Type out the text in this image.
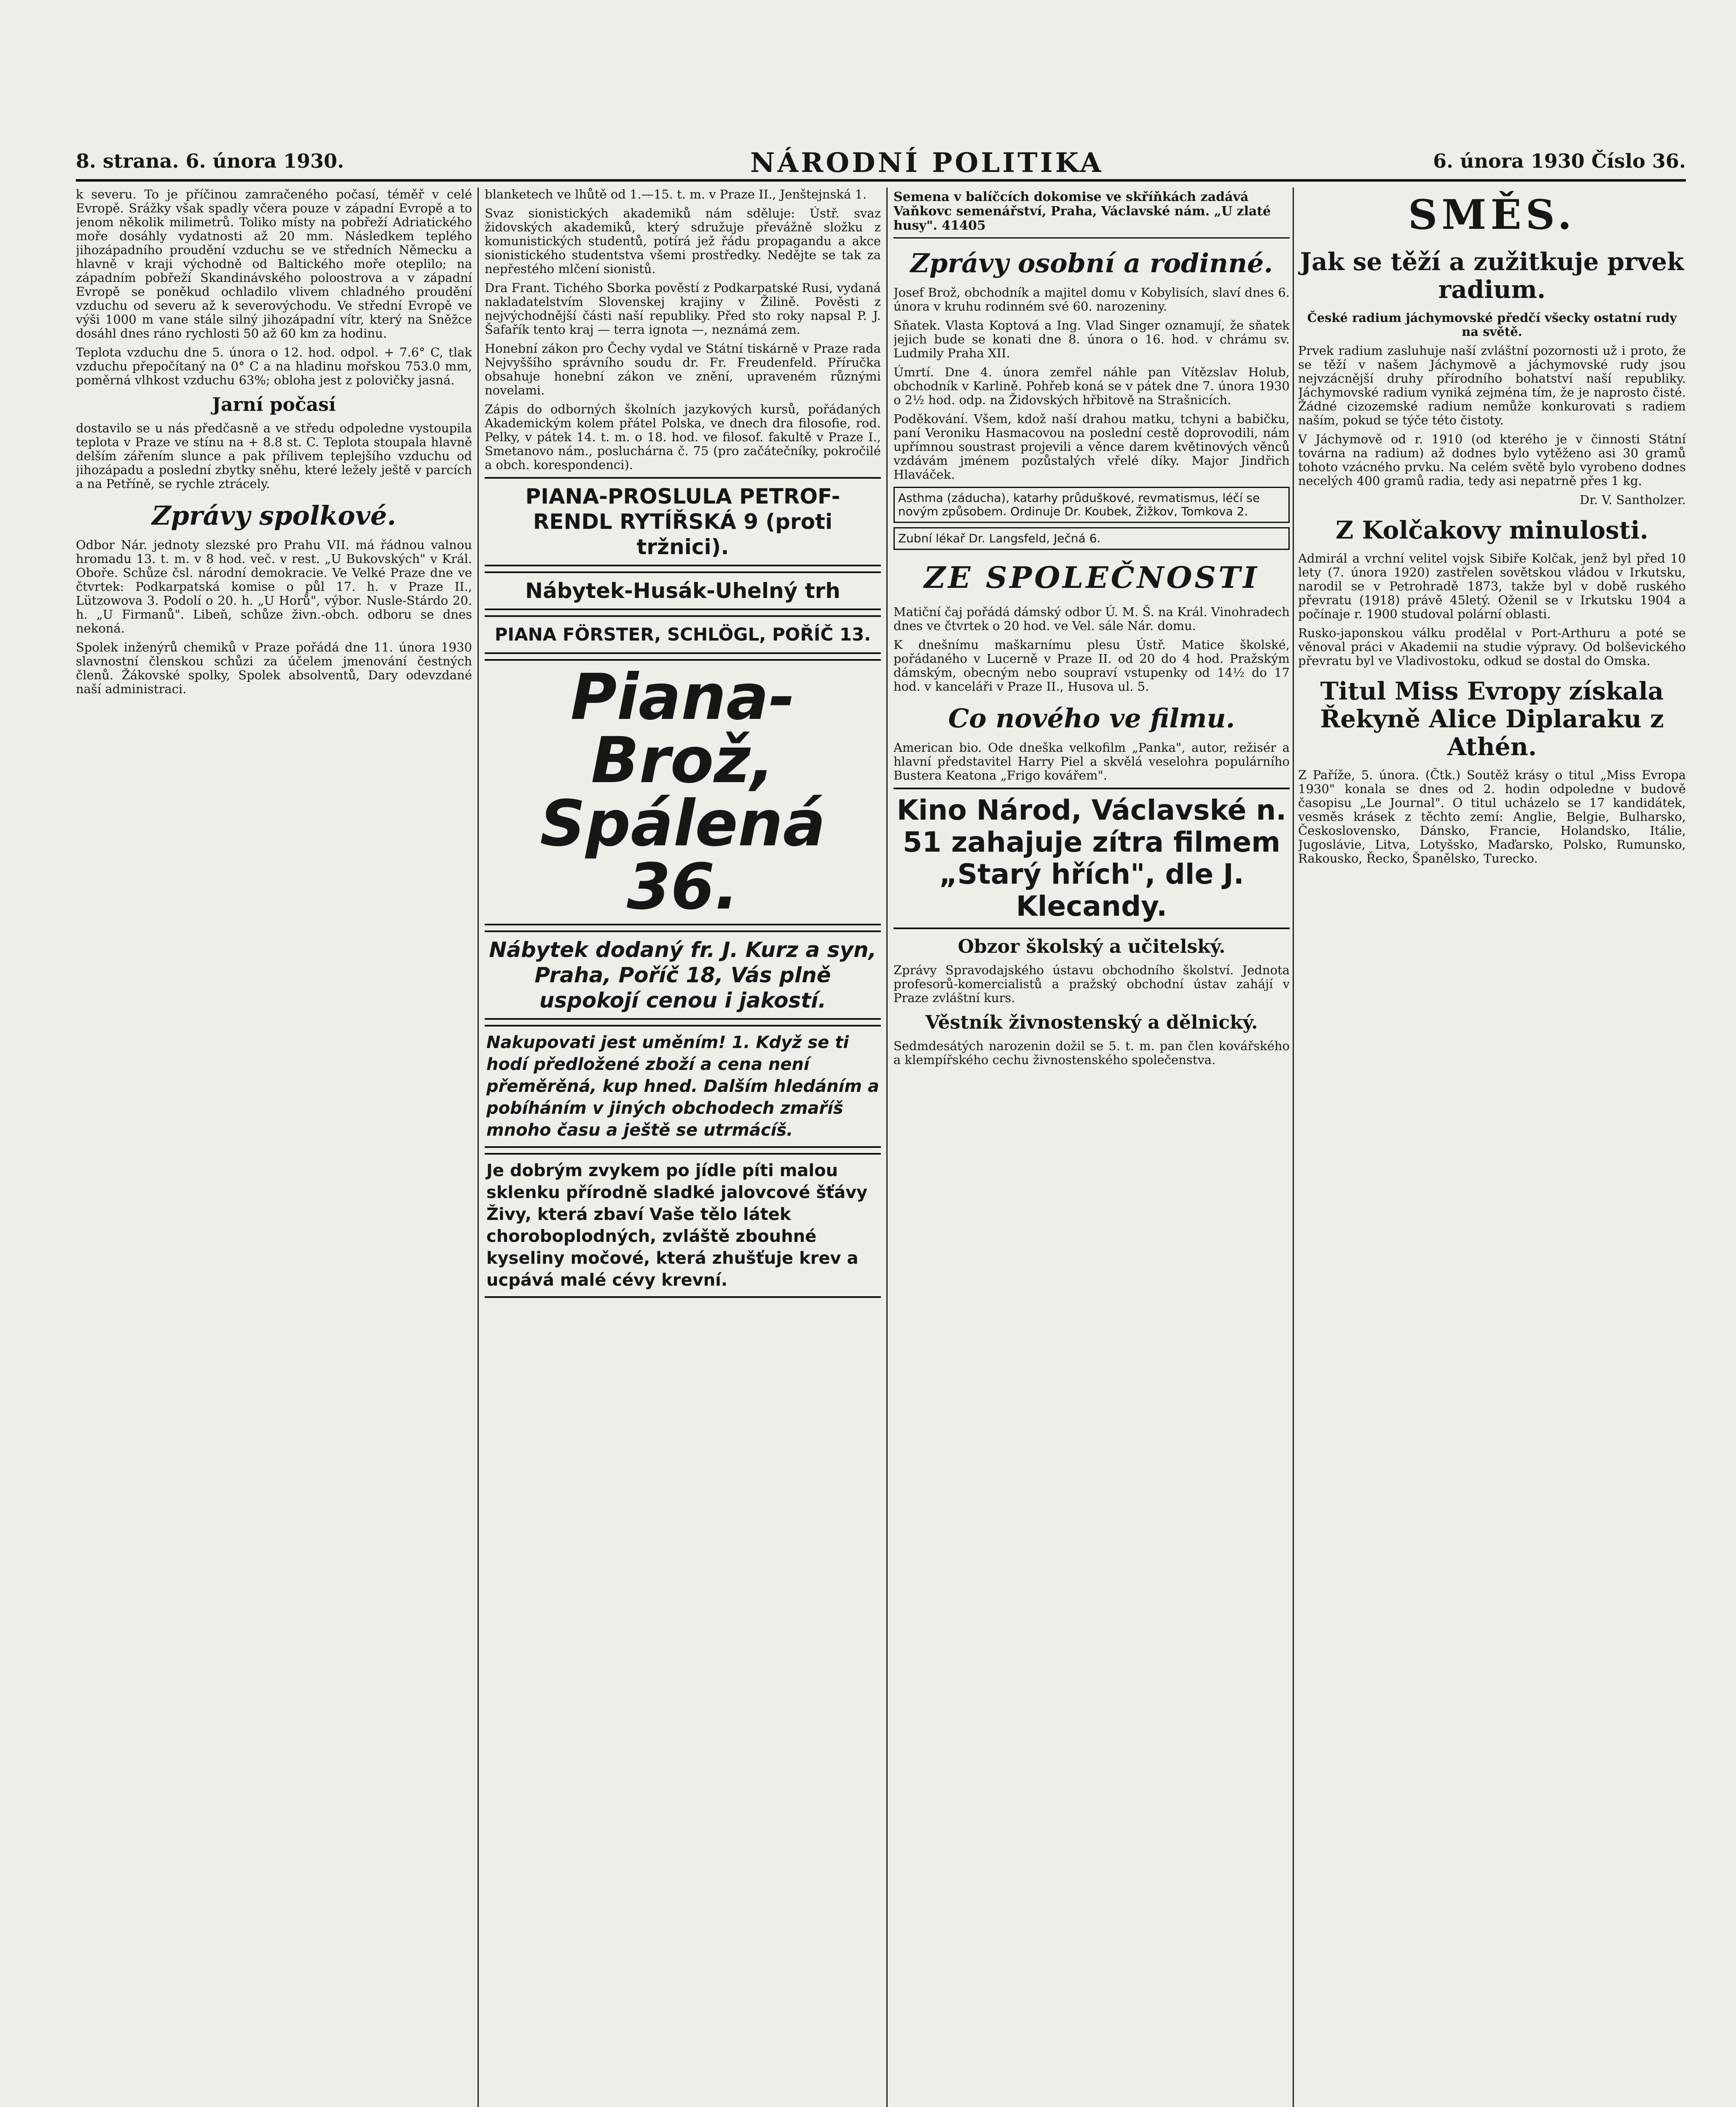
8. strana. 6. února 1930.	NÁRODNÍ POLITIKA	6. února 1930 Číslo 36.

k severu. To je příčinou zamračeného počasí, téměř v celé Evropě. Srážky však spadly včera pouze v západní Evropě a to jenom několik milimetrů. Toliko místy na pobřeží Adriatického moře dosáhly vydatnosti až 20 mm. Následkem teplého jihozápadního proudění vzduchu se ve středních Německu a hlavně v kraji východně od Baltického moře oteplilo; na západním pobřeží Skandinávského poloostrova a v západní Evropě se poněkud ochladilo vlivem chladného proudění vzduchu od severu až k severovýchodu. Ve střední Evropě ve výši 1000 m vane stále silný jihozápadní vítr, který na Sněžce dosáhl dnes ráno rychlosti 50 až 60 km za hodinu.

Teplota vzduchu dne 5. února o 12. hod. odpol. + 7.6° C, tlak vzduchu přepočítaný na 0° C a na hladinu mořskou 753.0 mm, poměrná vlhkost vzduchu 63%; obloha jest z polovičky jasná.

Jarní počasí

dostavilo se u nás předčasně a ve středu odpoledne vystoupila teplota v Praze ve stínu na + 8.8 st. C. Teplota stoupala hlavně delším zářením slunce a pak přílivem teplejšího vzduchu od jihozápadu a poslední zbytky sněhu, které ležely ještě v parcích a na Petříně, se rychle ztrácely.

Zprávy spolkové.

Odbor Nár. jednoty slezské pro Prahu VII. má řádnou valnou hromadu 13. t. m. v 8 hod. več. v rest. „U Bukovských" v Král. Oboře. Schůze čsl. národní demokracie. Ve Velké Praze dne ve čtvrtek: Podkarpatská komise o půl 17. h. v Praze II., Lützowova 3. Podolí o 20. h. „U Horů", výbor. Nusle-Stárdo 20. h. „U Firmanů". Libeň, schůze živn.-obch. odboru se dnes nekoná.

Spolek inženýrů chemiků v Praze pořádá dne 11. února 1930 slavnostní členskou schůzi za účelem jmenování čestných členů. Žákovské spolky, Spolek absolventů, Dary odevzdané naší administraci.

blanketech ve lhůtě od 1.—15. t. m. v Praze II., Jenštejnská 1.

Svaz sionistických akademiků nám sděluje: Ústř. svaz židovských akademiků, který sdružuje převážně složku z komunistických studentů, potírá jež řádu propagandu a akce sionistického studentstva všemi prostředky. Nedějte se tak za nepřestého mlčení sionistů.

Dra Frant. Tichého Sborka pověstí z Podkarpatské Rusi, vydaná nakladatelstvím Slovenskej krajiny v Žilině. Pověsti z nejvýchodnější části naší republiky. Před sto roky napsal P. J. Šafařík tento kraj — terra ignota —, neznámá zem.

Honební zákon pro Čechy vydal ve Státní tiskárně v Praze rada Nejvyššího správního soudu dr. Fr. Freudenfeld. Příručka obsahuje honební zákon ve znění, upraveném různými novelami.

Zápis do odborných školních jazykových kursů, pořádaných Akademickým kolem přátel Polska, ve dnech dra filosofie, rod. Pelky, v pátek 14. t. m. o 18. hod. ve filosof. fakultě v Praze I., Smetanovo nám., posluchárna č. 75 (pro začátečníky, pokročilé a obch. korespondenci).

PIANA-PROSLULA PETROF-RENDL RYTÍŘSKÁ 9 (proti tržnici).
Nábytek-Husák-Uhelný trh
PIANA FÖRSTER, SCHLÖGL, POŘÍČ 13.
Piana-Brož,
Spálená 36.
Nábytek dodaný fr. J. Kurz a syn, Praha, Poříč 18, Vás plně uspokojí cenou i jakostí.
Nakupovati jest uměním! 1. Když se ti hodí předložené zboží a cena není přeměrěná, kup hned. Dalším hledáním a pobíháním v jiných obchodech zmaříš mnoho času a ještě se utrmácíš.
Je dobrým zvykem po jídle píti malou sklenku přírodně sladké jalovcové šťávy Živy, která zbaví Vaše tělo látek choroboplodných, zvláště zbouhné kyseliny močové, která zhušťuje krev a ucpává malé cévy krevní.
Semena v balíčcích dokomise ve skříňkách zadává Vaňkovc semenářství, Praha, Václavské nám. „U zlaté husy". 41405
Zprávy osobní a rodinné.

Josef Brož, obchodník a majitel domu v Kobylisích, slaví dnes 6. února v kruhu rodinném své 60. narozeniny.

Sňatek. Vlasta Koptová a Ing. Vlad Singer oznamují, že sňatek jejich bude se konati dne 8. února o 16. hod. v chrámu sv. Ludmily Praha XII.

Úmrtí. Dne 4. února zemřel náhle pan Vítězslav Holub, obchodník v Karlině. Pohřeb koná se v pátek dne 7. února 1930 o 2½ hod. odp. na Židovských hřbitově na Strašnicích.

Poděkování. Všem, kdož naší drahou matku, tchyni a babičku, paní Veroniku Hasmacovou na poslední cestě doprovodili, nám upřímnou soustrast projevili a věnce darem květinových věnců vzdávám jménem pozůstalých vřelé díky. Major Jindřich Hlaváček.

Asthma (záducha), katarhy průduškové, revmatismus, léčí se novým způsobem. Ordinuje Dr. Koubek, Žižkov, Tomkova 2.
Zubní lékař Dr. Langsfeld, Ječná 6.
ZE SPOLEČNOSTI

Matiční čaj pořádá dámský odbor Ú. M. Š. na Král. Vinohradech dnes ve čtvrtek o 20 hod. ve Vel. sále Nár. domu.

K dnešnímu maškarnímu plesu Ústř. Matice školské, pořádaného v Lucerně v Praze II. od 20 do 4 hod. Pražským dámským, obecným nebo soupraví vstupenky od 14½ do 17 hod. v kanceláři v Praze II., Husova ul. 5.

Co nového ve filmu.

American bio. Ode dneška velkofilm „Panka", autor, režisér a hlavní představitel Harry Piel a skvělá veselohra populárního Bustera Keatona „Frigo kovářem".

Kino Národ, Václavské n. 51 zahajuje zítra filmem „Starý hřích", dle J. Klecandy.
Obzor školský a učitelský.

Zprávy Spravodajského ústavu obchodního školství. Jednota profesorů-komercialistů a pražský obchodní ústav zahájí v Praze zvláštní kurs.

Věstník živnostenský a dělnický.

Sedmdesátých narozenin dožil se 5. t. m. pan člen kovářského a klempířského cechu živnostenského společenstva.

SMĚS.
Jak se těží a zužitkuje prvek radium.
České radium jáchymovské předčí všecky ostatní rudy na světě.

Prvek radium zasluhuje naší zvláštní pozornosti už i proto, že se těží v našem Jáchymově a jáchymovské rudy jsou nejvzácnější druhy přírodního bohatství naší republiky. Jáchymovské radium vyniká zejména tím, že je naprosto čisté. Žádné cizozemské radium nemůže konkurovati s radiem naším, pokud se týče této čistoty.

V Jáchymově od r. 1910 (od kterého je v činnosti Státní továrna na radium) až dodnes bylo vytěženo asi 30 gramů tohoto vzácného prvku. Na celém světě bylo vyrobeno dodnes necelých 400 gramů radia, tedy asi nepatrně přes 1 kg.

Dr. V. Santholzer.

Z Kolčakovy minulosti.

Admirál a vrchní velitel vojsk Sibiře Kolčak, jenž byl před 10 lety (7. února 1920) zastřelen sovětskou vládou v Irkutsku, narodil se v Petrohradě 1873, takže byl v době ruského převratu (1918) právě 45letý. Oženil se v Irkutsku 1904 a počínaje r. 1900 studoval polární oblasti.

Rusko-japonskou válku prodělal v Port-Arthuru a poté se věnoval práci v Akademii na studie výpravy. Od bolševického převratu byl ve Vladivostoku, odkud se dostal do Omska.

Titul Miss Evropy získala Řekyně Alice Diplaraku z Athén.

Z Paříže, 5. února. (Čtk.) Soutěž krásy o titul „Miss Evropa 1930" konala se dnes od 2. hodin odpoledne v budově časopisu „Le Journal". O titul ucházelo se 17 kandidátek, vesměs krásek z těchto zemí: Anglie, Belgie, Bulharsko, Československo, Dánsko, Francie, Holandsko, Itálie, Jugoslávie, Litva, Lotyšsko, Maďarsko, Polsko, Rumunsko, Rakousko, Řecko, Španělsko, Turecko.
